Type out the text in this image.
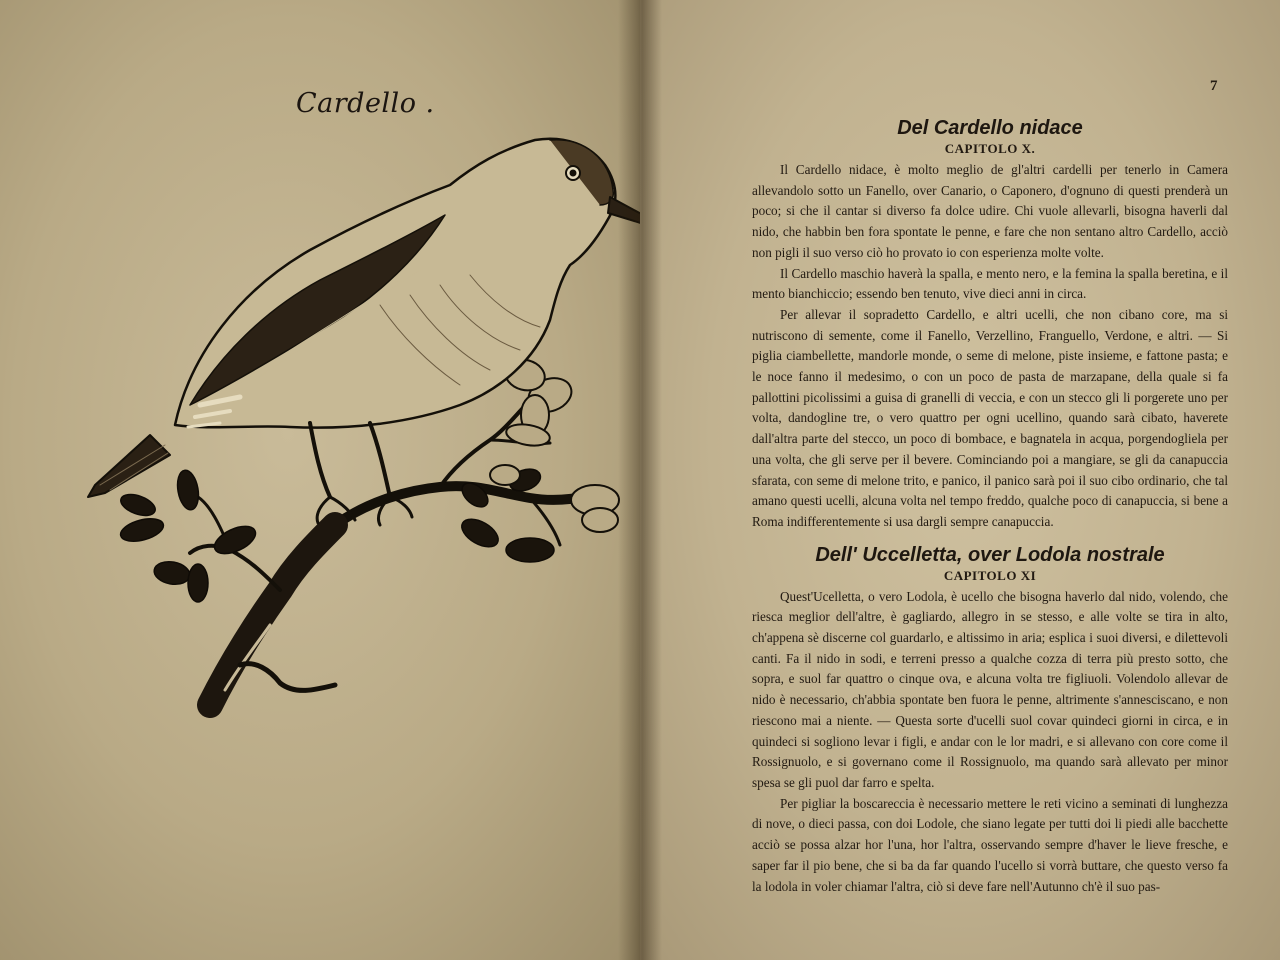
Cardello .
7
Del Cardello nidace
CAPITOLO X.

Il Cardello nidace, è molto meglio de gl'altri cardelli per tenerlo in Camera allevandolo sotto un Fanello, over Canario, o Caponero, d'ognuno di questi prenderà un poco; si che il cantar si diverso fa dolce udire. Chi vuole allevarli, bisogna haverli dal nido, che habbin ben fora spontate le penne, e fare che non sentano altro Cardello, acciò non pigli il suo verso ciò ho provato io con esperienza molte volte.

Il Cardello maschio haverà la spalla, e mento nero, e la femina la spalla beretina, e il mento bianchiccio; essendo ben tenuto, vive dieci anni in circa.

Per allevar il sopradetto Cardello, e altri ucelli, che non cibano core, ma si nutriscono di semente, come il Fanello, Verzellino, Franguello, Verdone, e altri. — Si piglia ciambellette, mandorle monde, o seme di melone, piste insieme, e fattone pasta; e le noce fanno il medesimo, o con un poco de pasta de marzapane, della quale si fa pallottini picolissimi a guisa di granelli di veccia, e con un stecco gli li porgerete uno per volta, dandogline tre, o vero quattro per ogni ucellino, quando sarà cibato, haverete dall'altra parte del stecco, un poco di bombace, e bagnatela in acqua, porgendogliela per una volta, che gli serve per il bevere. Cominciando poi a mangiare, se gli da canapuccia sfarata, con seme di melone trito, e panico, il panico sarà poi il suo cibo ordinario, che tal amano questi ucelli, alcuna volta nel tempo freddo, qualche poco di canapuccia, si bene a Roma indifferentemente si usa dargli sempre canapuccia.

Dell' Uccelletta, over Lodola nostrale
CAPITOLO XI

Quest'Ucelletta, o vero Lodola, è ucello che bisogna haverlo dal nido, volendo, che riesca meglior dell'altre, è gagliardo, allegro in se stesso, e alle volte se tira in alto, ch'appena sè discerne col guardarlo, e altissimo in aria; esplica i suoi diversi, e dilettevoli canti. Fa il nido in sodi, e terreni presso a qualche cozza di terra più presto sotto, che sopra, e suol far quattro o cinque ova, e alcuna volta tre figliuoli. Volendolo allevar de nido è necessario, ch'abbia spontate ben fuora le penne, altrimente s'annesciscano, e non riescono mai a niente. — Questa sorte d'ucelli suol covar quindeci giorni in circa, e in quindeci si sogliono levar i figli, e andar con le lor madri, e si allevano con core come il Rossignuolo, e si governano come il Rossignuolo, ma quando sarà allevato per minor spesa se gli puol dar farro e spelta.

Per pigliar la boscareccia è necessario mettere le reti vicino a seminati di lunghezza di nove, o dieci passa, con doi Lodole, che siano legate per tutti doi li piedi alle bacchette acciò se possa alzar hor l'una, hor l'altra, osservando sempre d'haver le lieve fresche, e saper far il pio bene, che si ba da far quando l'ucello si vorrà buttare, che questo verso fa la lodola in voler chiamar l'altra, ciò si deve fare nell'Autunno ch'è il suo pas-
